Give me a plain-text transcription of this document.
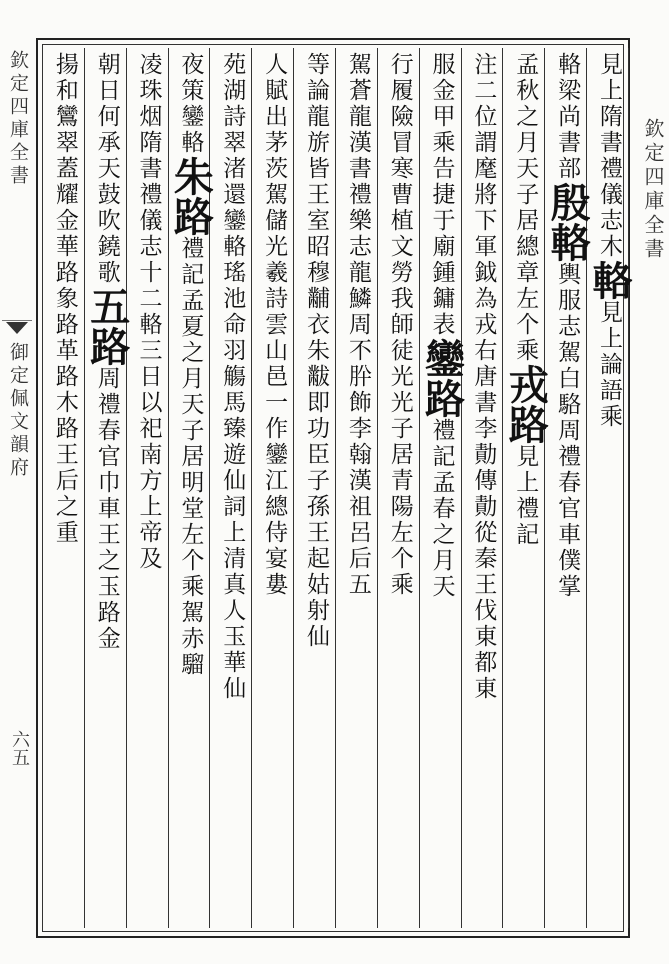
欽定四庫全書
御定佩文韻府
六五
見上隋書禮儀志木輅見上論語乘
輅梁尚書部殷輅輿服志駕白駱周禮春官車僕掌
孟秋之月天子居總章左个乘戎路見上禮記
注二位謂麾將下軍鉞為戎右唐書李勣傳勣從秦王伐東都東
服金甲乘告捷于廟鍾鏞表鑾路禮記孟春之月天
行履險冒寒曹植文勞我師徒光光子居青陽左个乘
駕蒼龍漢書禮樂志龍鱗周不肸飾李翰漢祖呂后五
等論龍旂皆王室昭穆黼衣朱黻即功臣子孫王起姑射仙
人賦出茅茨駕儲光羲詩雲山邑一作鑾江總侍宴婁
苑湖詩翠渚還鑾輅瑤池命羽觴馬臻遊仙詞上清真人玉華仙
夜策鑾輅朱路禮記孟夏之月天子居明堂左个乘駕赤騮
凌珠烟隋書禮儀志十二輅三日以祀南方上帝及
朝日何承天鼓吹鐃歌五路周禮春官巾車王之玉路金
揚和鸞翠蓋耀金華路象路革路木路王后之重
欽定四庫全書
